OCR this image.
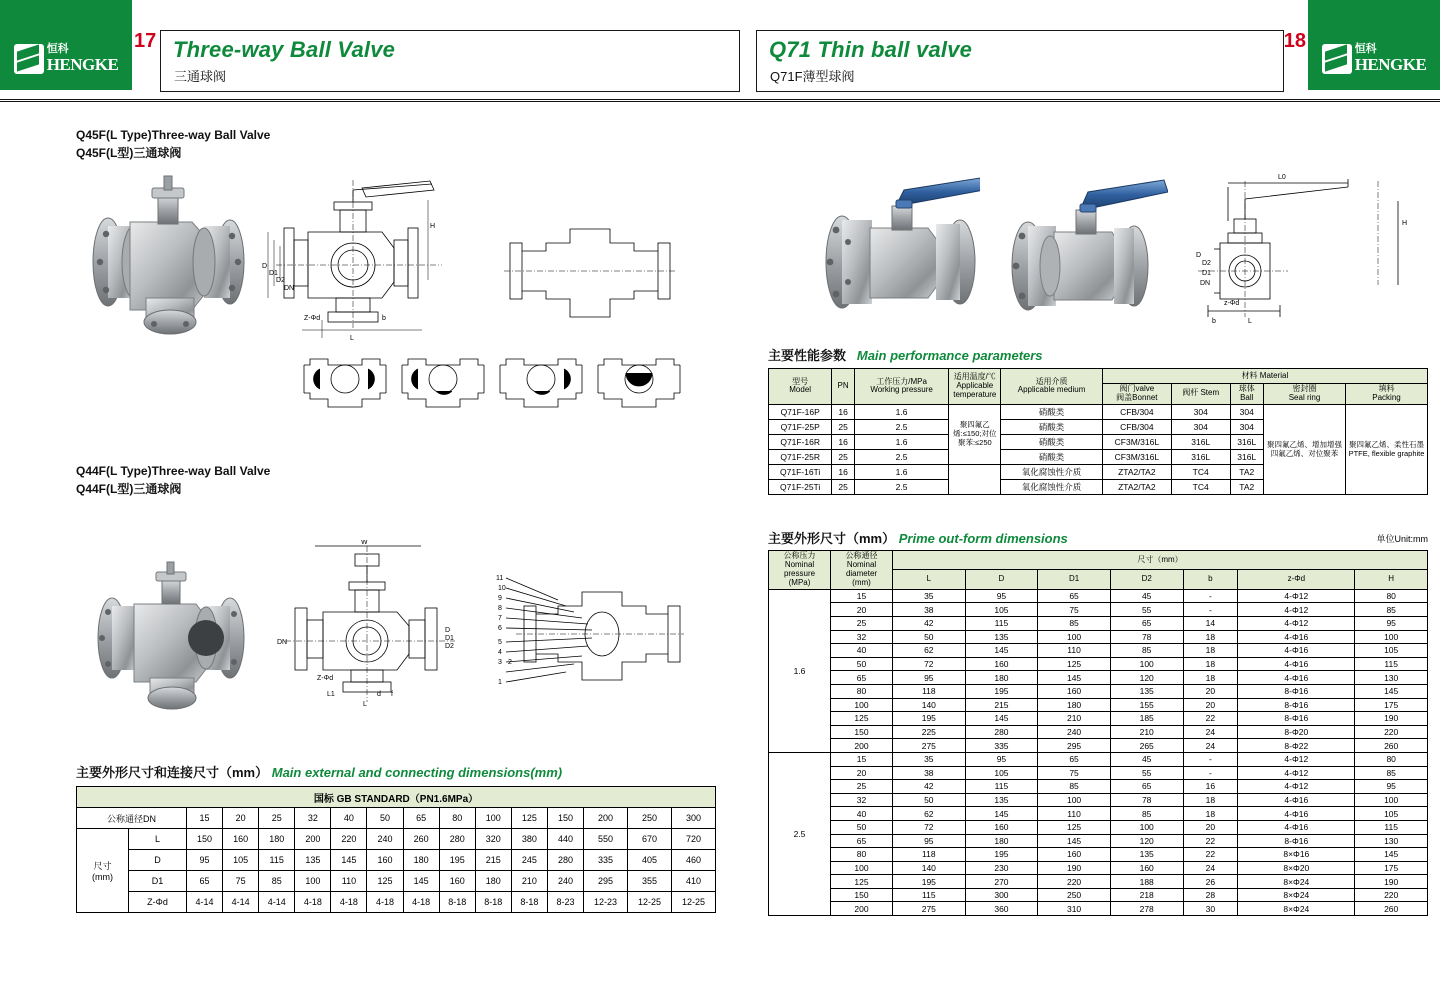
恒科
HENGKE
恒科
HENGKE
17	18
Three-way Ball Valve
三通球阀
Q71 Thin ball valve
Q71F薄型球阀
Q45F(L Type)Three-way Ball Valve
Q45F(L型)三通球阀
Q44F(L Type)Three-way Ball Valve
Q44F(L型)三通球阀
D
D1
D2
DN
L
Z-Φd	b
H
W
DN
D
D1
D2
L
L1	f
d
Z-Φd
11
10
9
8
7
6
5
4
3 2
1
主要外形尺寸和连接尺寸（mm） Main external and connecting dimensions(mm)
国标 GB STANDARD（PN1.6MPa）															
公称通径DN		15	20	25	32	40	50	65	80	100	125	150	200	250	300
尺寸
(mm)	L	150	160	180	200	220	240	260	280	320	380	440	550	670	720
	D	95	105	115	135	145	160	180	195	215	245	280	335	405	460
	D1	65	75	85	100	110	125	145	160	180	210	240	295	355	410
	Z-Φd	4-14	4-14	4-14	4-18	4-18	4-18	4-18	8-18	8-18	8-18	8-23	12-23	12-25	12-25
L0
H
D
D2
D1
DN
z-Φd
b	L
主要性能参数 Main performance parameters
型号
Model	PN	工作压力/MPa
Working pressure	适用温度/℃
Applicable temperature	适用介质
Applicable medium	材料 Material				
					阀门valve
阀盖Bonnet	阀杆 Stem	球体
Ball	密封圈
Seal ring	填料
Packing
Q71F-16P	16	1.6	聚四氟乙烯:≤150;对位聚苯:≤250	硝酸类	CFB/304	304	304	聚四氟乙烯、增加增强四氟乙烯、对位聚苯	聚四氟乙烯、柔性石墨 PTFE, flexible graphite
Q71F-25P	25	2.5		硝酸类	CFB/304	304	304		
Q71F-16R	16	1.6		硝酸类	CF3M/316L	316L	316L		
Q71F-25R	25	2.5		硝酸类	CF3M/316L	316L	316L		
Q71F-16Ti	16	1.6		氧化腐蚀性介质	ZTA2/TA2	TC4	TA2		
Q71F-25Ti	25	2.5		氧化腐蚀性介质	ZTA2/TA2	TC4	TA2		
主要外形尺寸（mm） Prime out-form dimensions	单位Unit:mm
公称压力
Nominal pressure
(MPa)	公称通径
Nominal diameter
(mm)	尺寸（mm）						
		L	D	D1	D2	b	z-Φd	H
1.6	15	35	95	65	45	-	4-Φ12	80
	20	38	105	75	55	-	4-Φ12	85
	25	42	115	85	65	14	4-Φ12	95
	32	50	135	100	78	18	4-Φ16	100
	40	62	145	110	85	18	4-Φ16	105
	50	72	160	125	100	18	4-Φ16	115
	65	95	180	145	120	18	4-Φ16	130
	80	118	195	160	135	20	8-Φ16	145
	100	140	215	180	155	20	8-Φ16	175
	125	195	145	210	185	22	8-Φ16	190
	150	225	280	240	210	24	8-Φ20	220
	200	275	335	295	265	24	8-Φ22	260
2.5	15	35	95	65	45	-	4-Φ12	80
	20	38	105	75	55	-	4-Φ12	85
	25	42	115	85	65	16	4-Φ12	95
	32	50	135	100	78	18	4-Φ16	100
	40	62	145	110	85	18	4-Φ16	105
	50	72	160	125	100	20	4-Φ16	115
	65	95	180	145	120	22	8-Φ16	130
	80	118	195	160	135	22	8×Φ16	145
	100	140	230	190	160	24	8×Φ20	175
	125	195	270	220	188	26	8×Φ24	190
	150	115	300	250	218	28	8×Φ24	220
	200	275	360	310	278	30	8×Φ24	260
